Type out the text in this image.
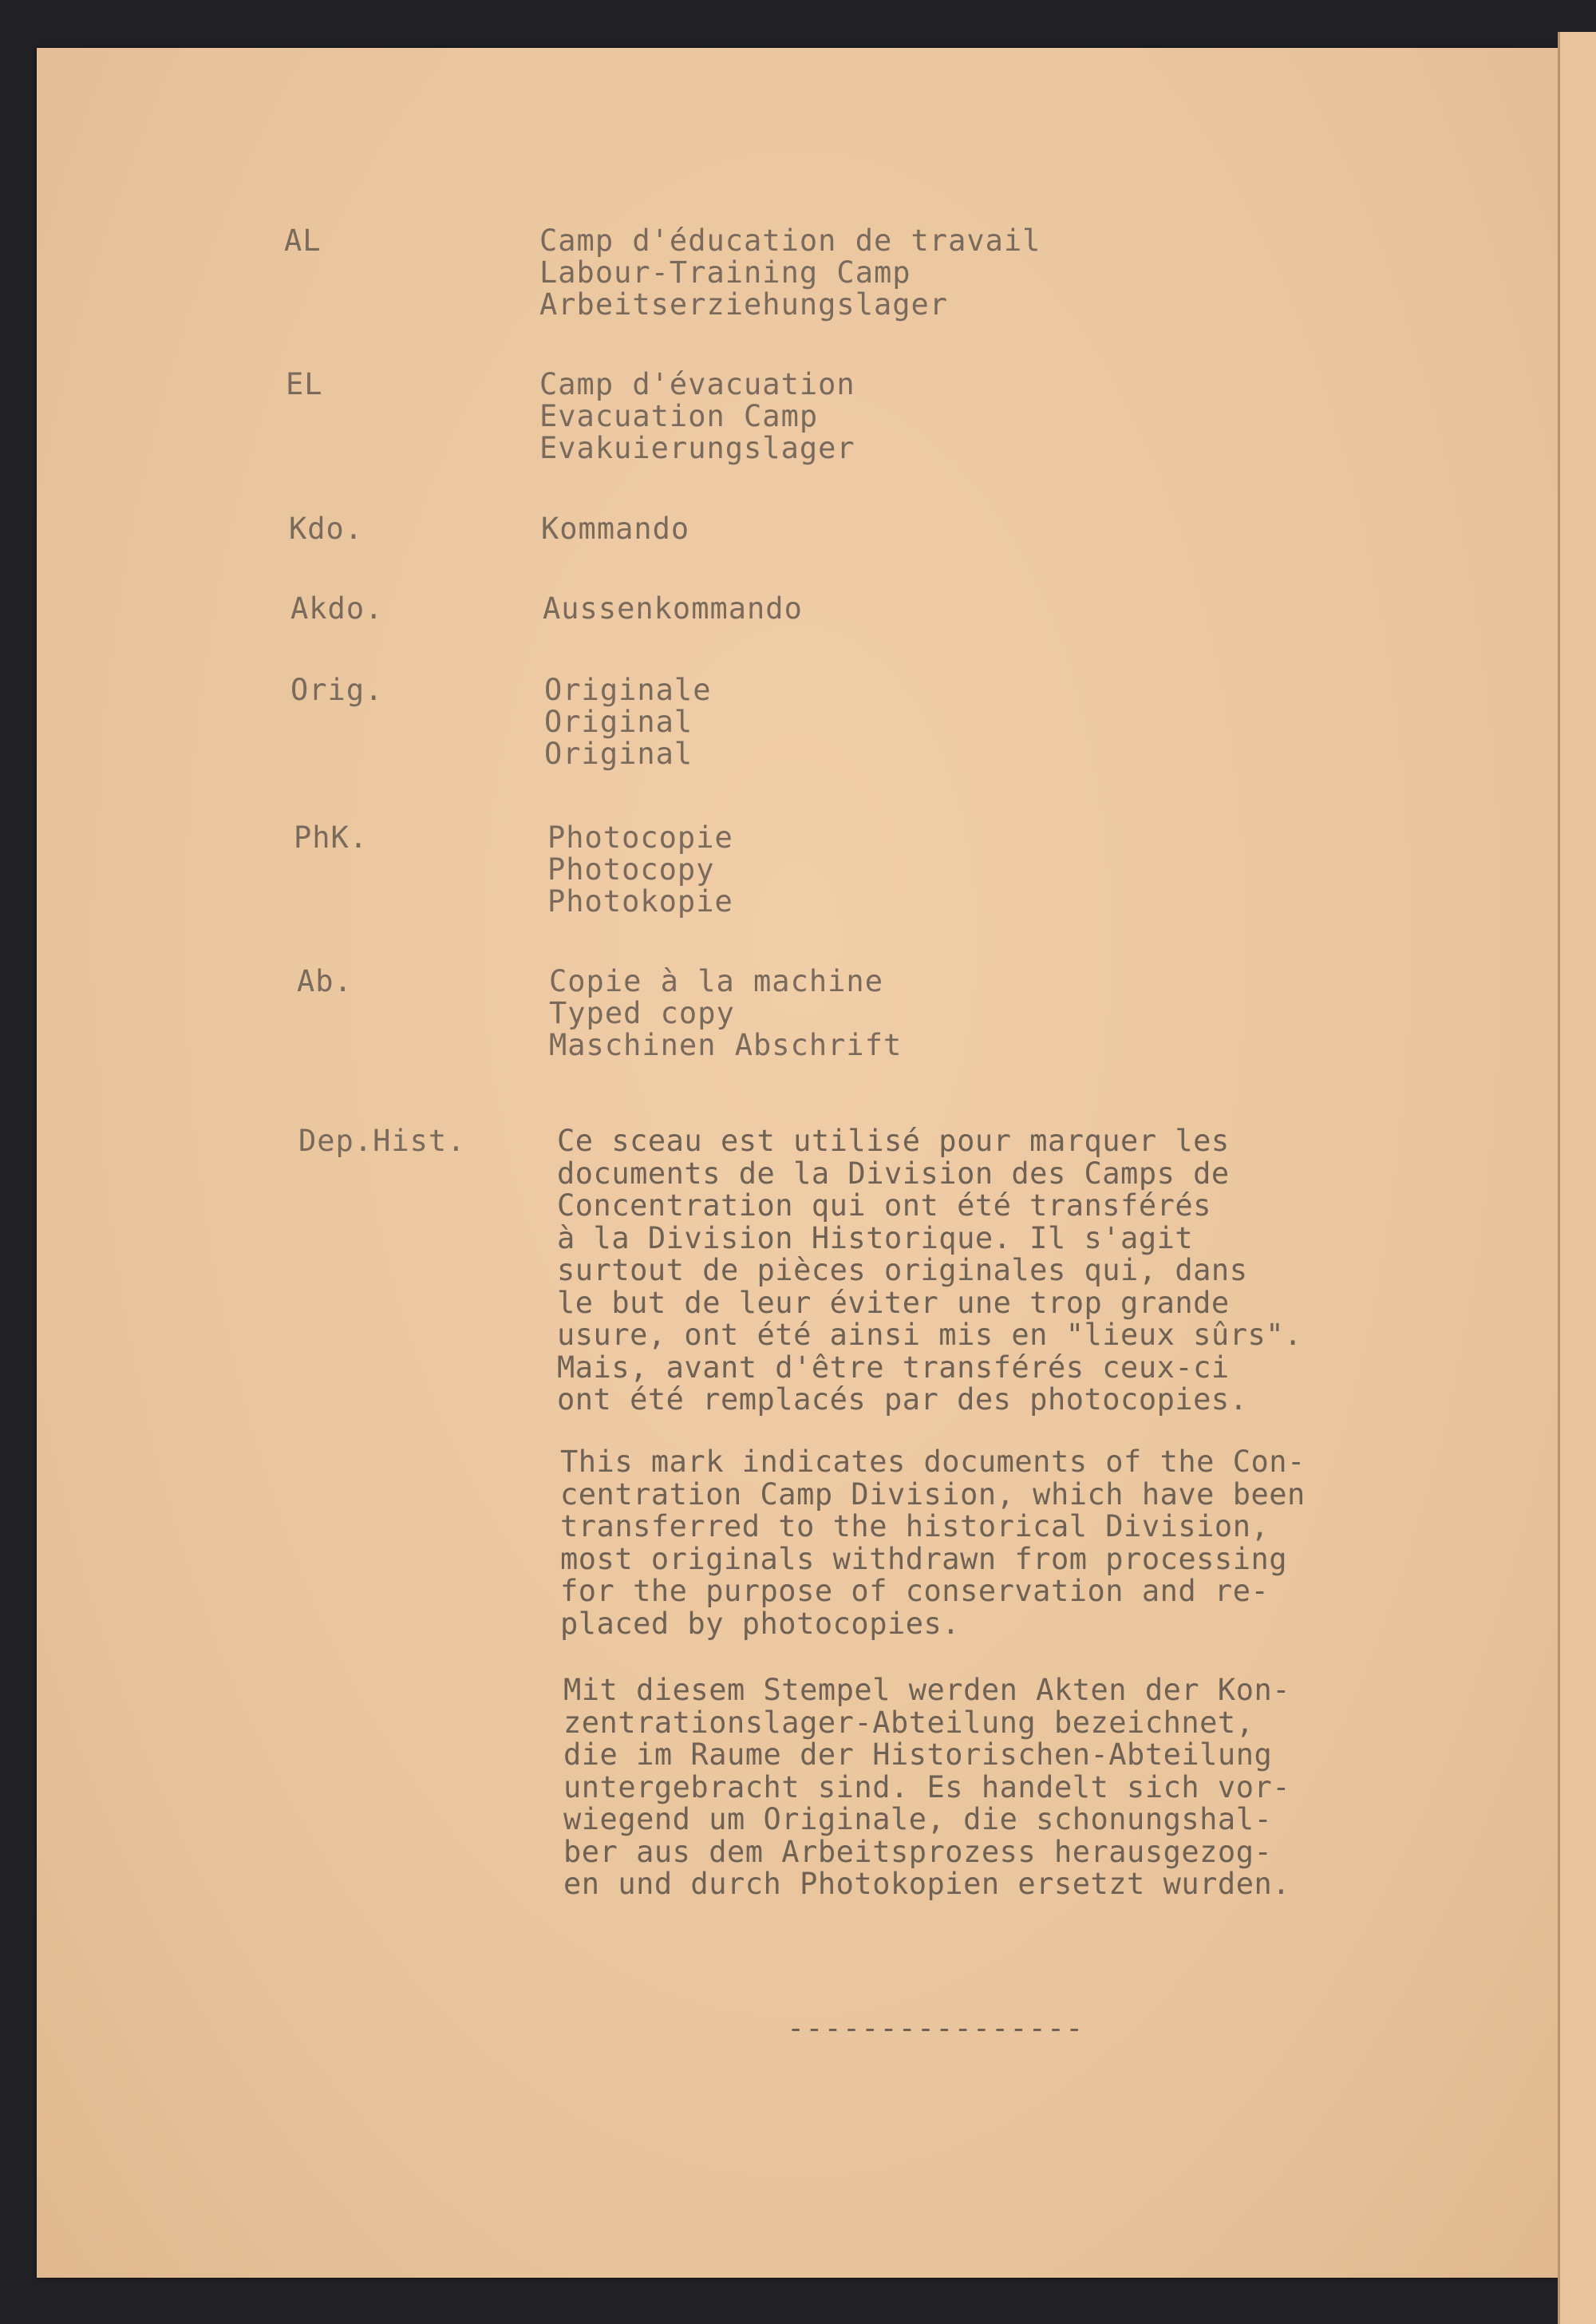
AL	Camp d'éducation de travail
Labour-Training Camp
Arbeitserziehungslager
EL	Camp d'évacuation
Evacuation Camp
Evakuierungslager
Kdo.	Kommando
Akdo.	Aussenkommando
Orig.	Originale
Original
Original
PhK.	Photocopie
Photocopy
Photokopie
Ab.	Copie à la machine
Typed copy
Maschinen Abschrift
Dep.Hist.	Ce sceau est utilisé pour marquer les
documents de la Division des Camps de
Concentration qui ont été transférés
à la Division Historique. Il s'agit
surtout de pièces originales qui, dans
le but de leur éviter une trop grande
usure, ont été ainsi mis en "lieux sûrs".
Mais, avant d'être transférés ceux-ci
ont été remplacés par des photocopies.
This mark indicates documents of the Con-
centration Camp Division, which have been
transferred to the historical Division,
most originals withdrawn from processing
for the purpose of conservation and re-
placed by photocopies.
Mit diesem Stempel werden Akten der Kon-
zentrationslager-Abteilung bezeichnet,
die im Raume der Historischen-Abteilung
untergebracht sind. Es handelt sich vor-
wiegend um Originale, die schonungshal-
ber aus dem Arbeitsprozess herausgezog-
en und durch Photokopien ersetzt wurden.
----------------
